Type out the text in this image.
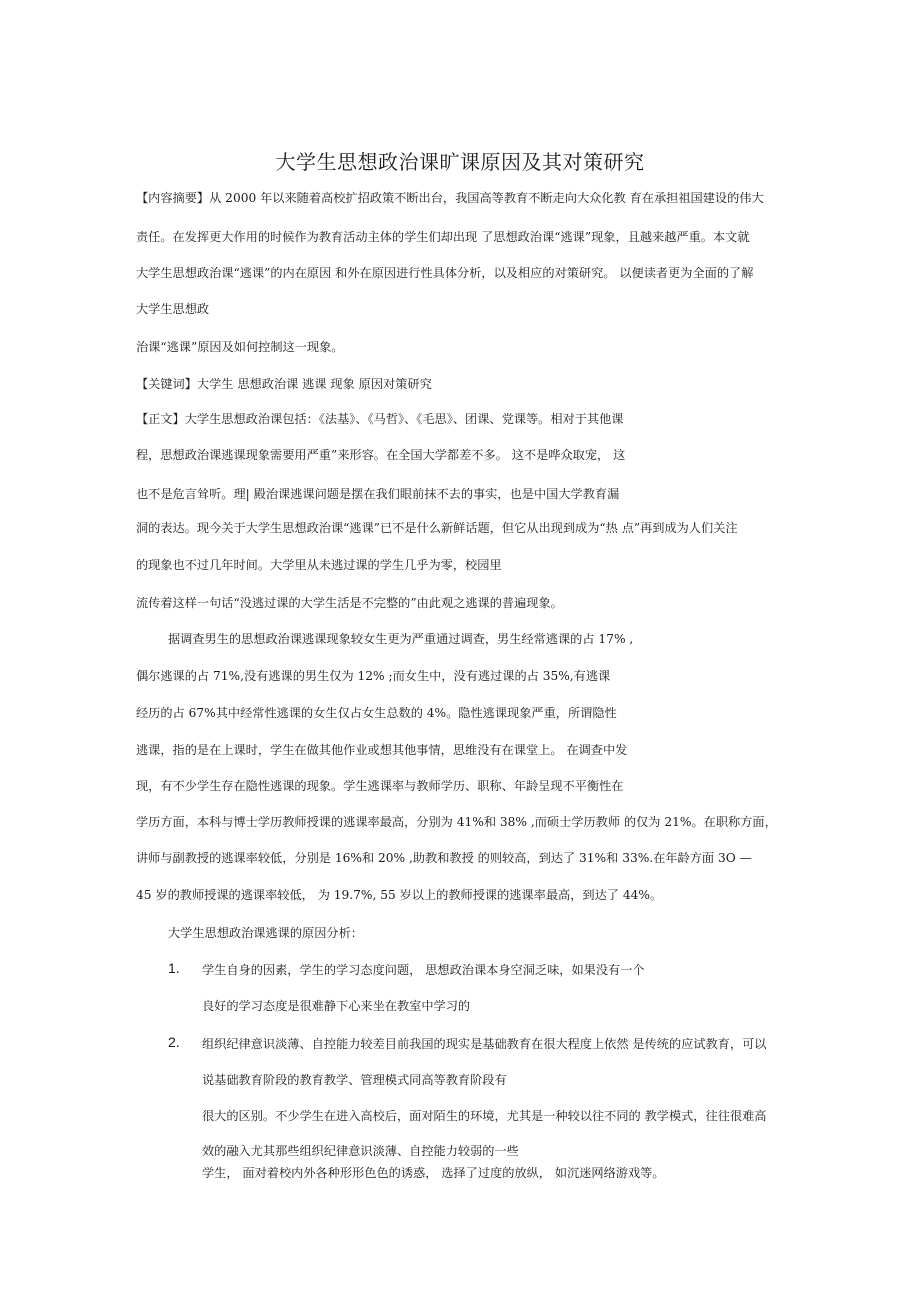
大学生思想政治课旷课原因及其对策研究
【内容摘要】从 2000 年以来随着高校扩招政策不断出台，我国高等教育不断走向大众化教 育在承担祖国建设的伟大
责任。在发挥更大作用的时候作为教育活动主体的学生们却出现 了思想政治课“逃课”现象，且越来越严重。本文就
大学生思想政治课“逃课”的内在原因 和外在原因进行性具体分析，以及相应的对策研究。 以便读者更为全面的了解
大学生思想政
治课“逃课”原因及如何控制这一现象。
【关键词】大学生 思想政治课 逃课 现象 原因对策研究
【正文】大学生思想政治课包括：《法基》、《马哲》、《毛思》、团课、党课等。相对于其他课
程，思想政治课逃课现象需要用严重”来形容。在全国大学都差不多。 这不是哗众取宠， 这
也不是危言耸听。理| 殿治课逃课问题是摆在我们眼前抹不去的事实，也是中国大学教育漏
洞的表达。现今关于大学生思想政治课“逃课”已不是什么新鲜话题，但它从出现到成为“热 点”再到成为人们关注
的现象也不过几年时间。大学里从未逃过课的学生几乎为零，校园里
流传着这样一句话“没逃过课的大学生活是不完整的”由此观之逃课的普遍现象。
据调查男生的思想政治课逃课现象较女生更为严重通过调查，男生经常逃课的占 17% ,
偶尔逃课的占 71%,没有逃课的男生仅为 12% ;而女生中，没有逃过课的占 35%,有逃课
经历的占 67%其中经常性逃课的女生仅占女生总数的 4%。隐性逃课现象严重，所谓隐性
逃课，指的是在上课时，学生在做其他作业或想其他事情，思维没有在课堂上。 在调查中发
现，有不少学生存在隐性逃课的现象。学生逃课率与教师学历、职称、年龄呈现不平衡性在
学历方面，本科与博士学历教师授课的逃课率最高，分别为 41%和 38% ,而硕士学历教师 的仅为 21%。在职称方面，
讲师与副教授的逃课率较低，分别是 16%和 20% ,助教和教授 的则较高，到达了 31%和 33%.在年龄方面 3O —
45 岁的教师授课的逃课率较低， 为 19.7%, 55 岁以上的教师授课的逃课率最高，到达了 44%。
大学生思想政治课逃课的原因分析：
1. 学生自身的因素，学生的学习态度问题， 思想政治课本身空洞乏味，如果没有一个
良好的学习态度是很难静下心来坐在教室中学习的
2. 组织纪律意识淡薄、自控能力较差目前我国的现实是基础教育在很大程度上依然 是传统的应试教育，可以
说基础教育阶段的教育教学、管理模式同高等教育阶段有
很大的区别。不少学生在进入高校后，面对陌生的环境，尤其是一种较以往不同的 教学模式，往往很难高
效的融入尤其那些组织纪律意识淡薄、自控能力较弱的一些
学生， 面对着校内外各种形形色色的诱惑， 选择了过度的放纵， 如沉迷网络游戏等。
